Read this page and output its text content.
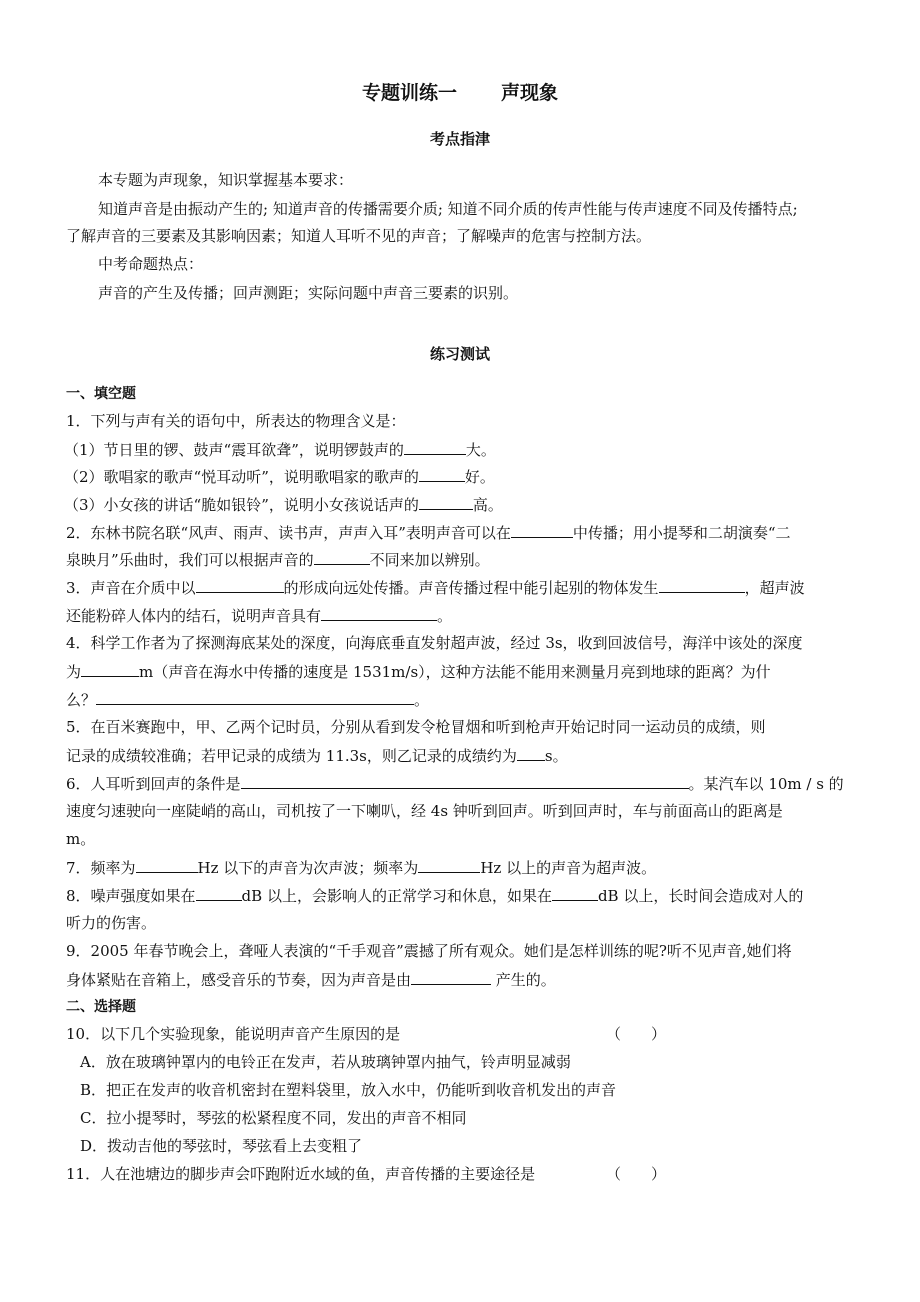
专题训练一 声现象
考点指津
本专题为声现象，知识掌握基本要求：
知道声音是由振动产生的; 知道声音的传播需要介质; 知道不同介质的传声性能与传声速度不同及传播特点;
了解声音的三要素及其影响因素；知道人耳听不见的声音；了解噪声的危害与控制方法。
中考命题热点：
声音的产生及传播；回声测距；实际问题中声音三要素的识别。
练习测试
一、填空题
1．下列与声有关的语句中，所表达的物理含义是：
（1）节日里的锣、鼓声“震耳欲聋”，说明锣鼓声的	大。
（2）歌唱家的歌声“悦耳动听”，说明歌唱家的歌声的	好。
（3）小女孩的讲话“脆如银铃”，说明小女孩说话声的	高。
2．东林书院名联“风声、雨声、读书声，声声入耳”表明声音可以在	中传播；用小提琴和二胡演奏“二
泉映月”乐曲时，我们可以根据声音的	不同来加以辨别。
3．声音在介质中以	的形成向远处传播。声音传播过程中能引起别的物体发生	，超声波
还能粉碎人体内的结石，说明声音具有	。
4．科学工作者为了探测海底某处的深度，向海底垂直发射超声波，经过 3s，收到回波信号，海洋中该处的深度
为	m（声音在海水中传播的速度是 1531m/s），这种方法能不能用来测量月亮到地球的距离？为什
么？	。
5．在百米赛跑中，甲、乙两个记时员，分别从看到发令枪冒烟和听到枪声开始记时同一运动员的成绩，则
记录的成绩较准确；若甲记录的成绩为 11.3s，则乙记录的成绩约为 s。
6．人耳听到回声的条件是	。某汽车以 10m / s 的
速度匀速驶向一座陡峭的高山，司机按了一下喇叭，经 4s 钟听到回声。听到回声时，车与前面高山的距离是
m。
7．频率为	Hz 以下的声音为次声波；频率为	Hz 以上的声音为超声波。
8．噪声强度如果在	dB 以上，会影响人的正常学习和休息，如果在	dB 以上，长时间会造成对人的
听力的伤害。
9．2005 年春节晚会上，聋哑人表演的“千手观音”震撼了所有观众。她们是怎样训练的呢?听不见声音,她们将
身体紧贴在音箱上，感受音乐的节奏，因为声音是由	产生的。
二、选择题
10．以下几个实验现象，能说明声音产生原因的是	（　　）
A．放在玻璃钟罩内的电铃正在发声，若从玻璃钟罩内抽气，铃声明显减弱
B．把正在发声的收音机密封在塑料袋里，放入水中，仍能听到收音机发出的声音
C．拉小提琴时，琴弦的松紧程度不同，发出的声音不相同
D．拨动吉他的琴弦时，琴弦看上去变粗了
11．人在池塘边的脚步声会吓跑附近水域的鱼，声音传播的主要途径是	（　　）
